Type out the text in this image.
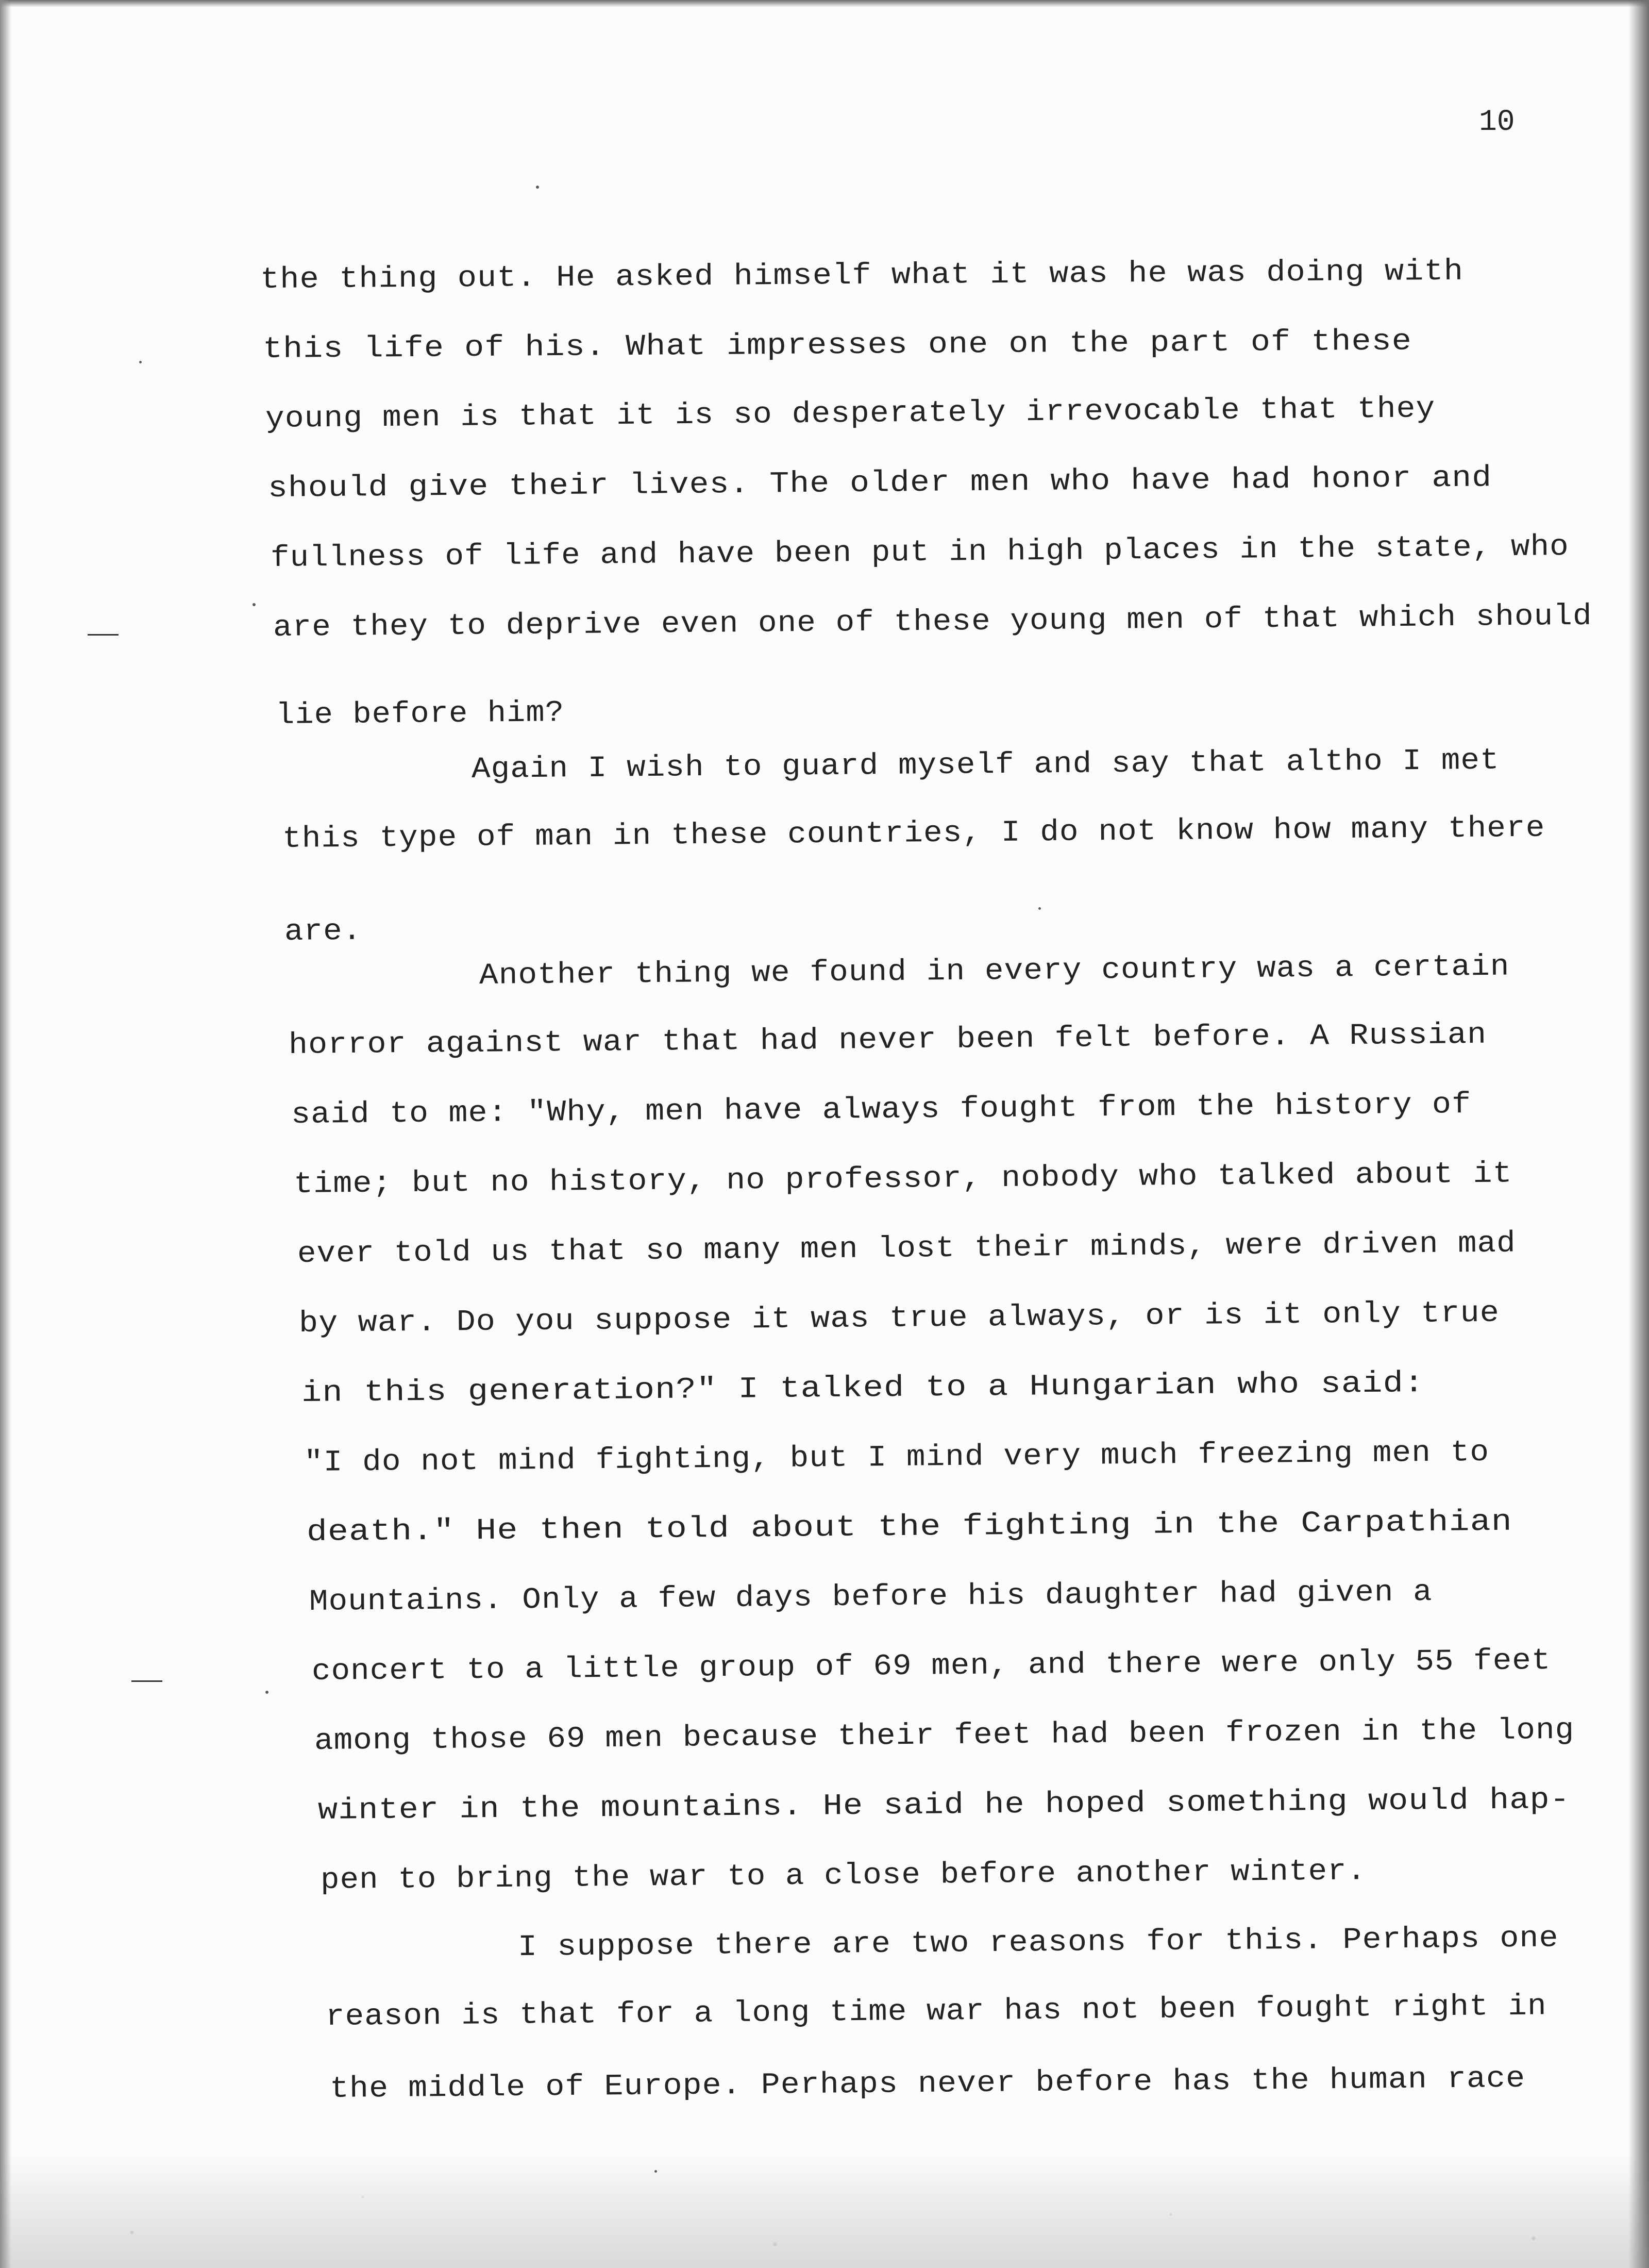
10

the thing out. He asked himself what it was he was doing with

this life of his. What impresses one on the part of these

young men is that it is so desperately irrevocable that they

should give their lives. The older men who have had honor and

fullness of life and have been put in high places in the state, who

are they to deprive even one of these young men of that which should

lie before him?

Again I wish to guard myself and say that altho I met

this type of man in these countries, I do not know how many there

are.

Another thing we found in every country was a certain

horror against war that had never been felt before. A Russian

said to me: "Why, men have always fought from the history of

time; but no history, no professor, nobody who talked about it

ever told us that so many men lost their minds, were driven mad

by war. Do you suppose it was true always, or is it only true

in this generation?" I talked to a Hungarian who said:

"I do not mind fighting, but I mind very much freezing men to

death." He then told about the fighting in the Carpathian

Mountains. Only a few days before his daughter had given a

concert to a little group of 69 men, and there were only 55 feet

among those 69 men because their feet had been frozen in the long

winter in the mountains. He said he hoped something would hap-

pen to bring the war to a close before another winter.

I suppose there are two reasons for this. Perhaps one

reason is that for a long time war has not been fought right in

the middle of Europe. Perhaps never before has the human race
